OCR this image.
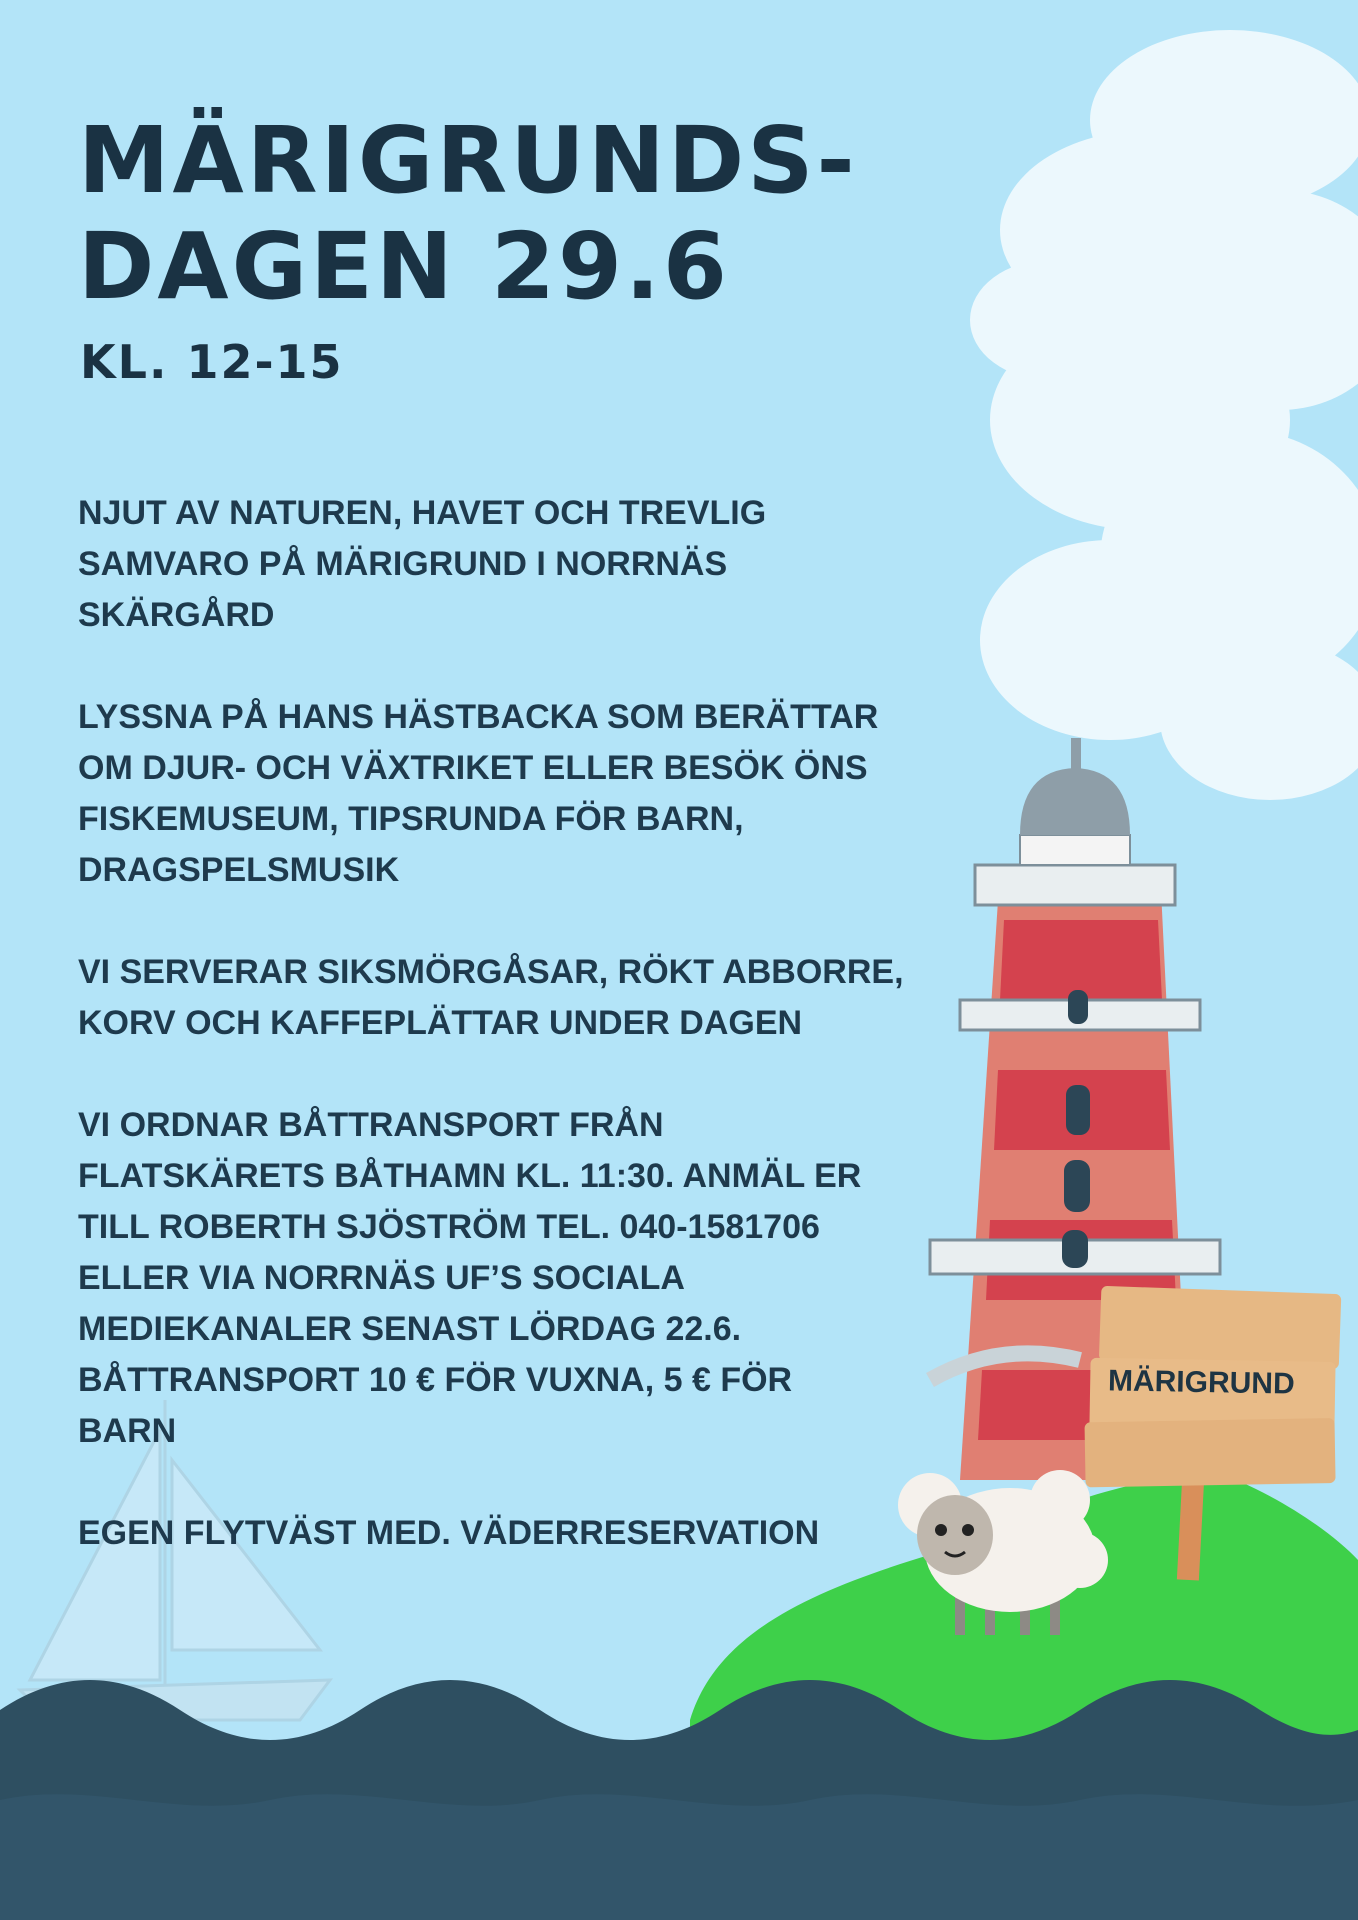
MÄRIGRUNDS-
DAGEN 29.6
KL. 12-15

NJUT AV NATUREN, HAVET OCH TREVLIG
SAMVARO PÅ MÄRIGRUND I NORRNÄS
SKÄRGÅRD

LYSSNA PÅ HANS HÄSTBACKA SOM BERÄTTAR
OM DJUR- OCH VÄXTRIKET ELLER BESÖK ÖNS
FISKEMUSEUM, TIPSRUNDA FÖR BARN,
DRAGSPELSMUSIK

VI SERVERAR SIKSMÖRGÅSAR, RÖKT ABBORRE,
KORV OCH KAFFEPLÄTTAR UNDER DAGEN

VI ORDNAR BÅTTRANSPORT FRÅN
FLATSKÄRETS BÅTHAMN KL. 11:30. ANMÄL ER
TILL ROBERTH SJÖSTRÖM TEL. 040-1581706
ELLER VIA NORRNÄS UF’S SOCIALA
MEDIEKANALER SENAST LÖRDAG 22.6.
BÅTTRANSPORT 10 € FÖR VUXNA, 5 € FÖR
BARN

EGEN FLYTVÄST MED. VÄDERRESERVATION

MÄRIGRUND
